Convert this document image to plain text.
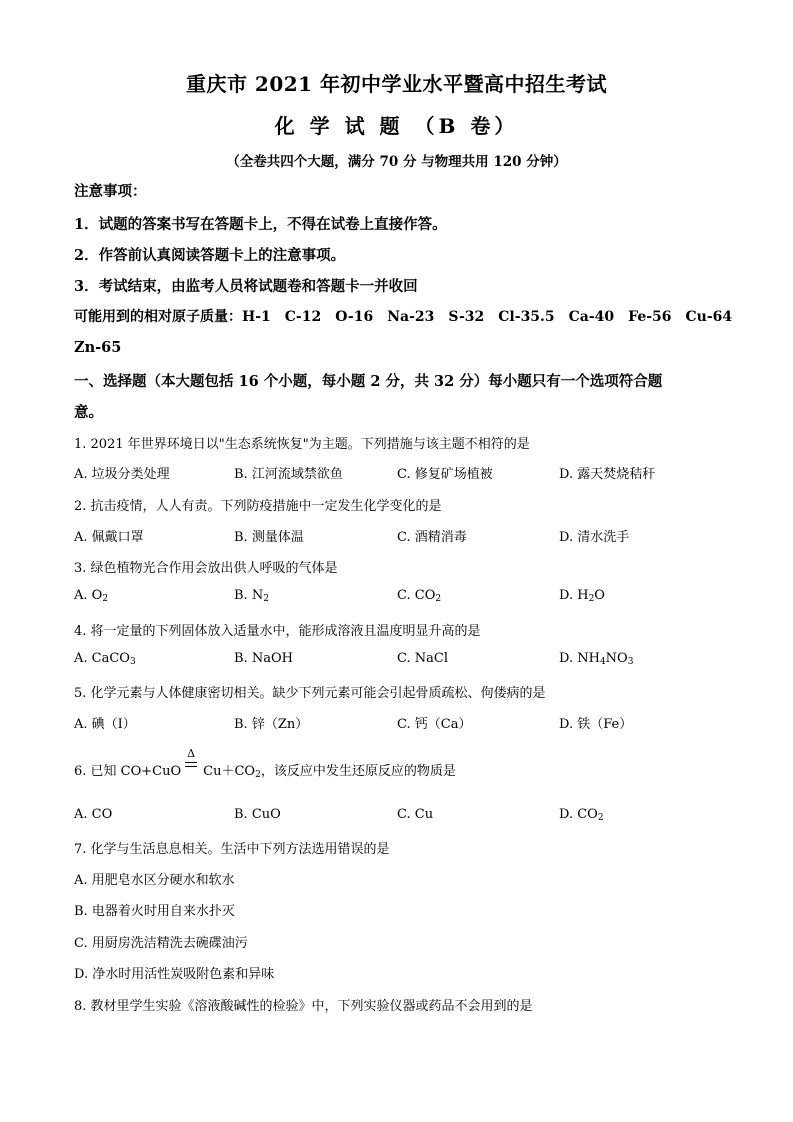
重庆市 2021 年初中学业水平暨高中招生考试
化 学 试 题 （B 卷）
（全卷共四个大题，满分 70 分 与物理共用 120 分钟）
注意事项：
1．试题的答案书写在答题卡上，不得在试卷上直接作答。
2．作答前认真阅读答题卡上的注意事项。
3．考试结束，由监考人员将试题卷和答题卡一并收回
可能用到的相对原子质量：H-1　C-12　O-16　Na-23　S-32　Cl-35.5　Ca-40　Fe-56　Cu-64
Zn-65
一、选择题（本大题包括 16 个小题，每小题 2 分，共 32 分）每小题只有一个选项符合题
意。
1. 2021 年世界环境日以"生态系统恢复"为主题。下列措施与该主题不相符的是
A. 垃圾分类处理	B. 江河流域禁欲鱼	C. 修复矿场植被	D. 露天焚烧秸秆
2. 抗击疫情，人人有责。下列防疫措施中一定发生化学变化的是
A. 佩戴口罩	B. 测量体温	C. 酒精消毒	D. 清水洗手
3. 绿色植物光合作用会放出供人呼吸的气体是
A. $O_2$	B. $N_2$	C. $CO_2$	D. $H_2O$
4. 将一定量的下列固体放入适量水中，能形成溶液且温度明显升高的是
A. CaCO$_3$	B. NaOH	C. NaCl	D. $NH_4NO_3$
5. 化学元素与人体健康密切相关。缺少下列元素可能会引起骨质疏松、佝偻病的是
A. 碘（I）	B. 锌（Zn）	C. 钙（Ca）	D. 铁（Fe）
6. 已知 CO+CuO
Δ
$Cu+CO_2$，该反应中发生还原反应的物质是
A. CO	B. CuO	C. Cu	D. $CO_2$
7. 化学与生活息息相关。生活中下列方法选用错误的是
A. 用肥皂水区分硬水和软水
B. 电器着火时用自来水扑灭
C. 用厨房洗洁精洗去碗碟油污
D. 净水时用活性炭吸附色素和异味
8. 教材里学生实验《溶液酸碱性的检验》中，下列实验仪器或药品不会用到的是
